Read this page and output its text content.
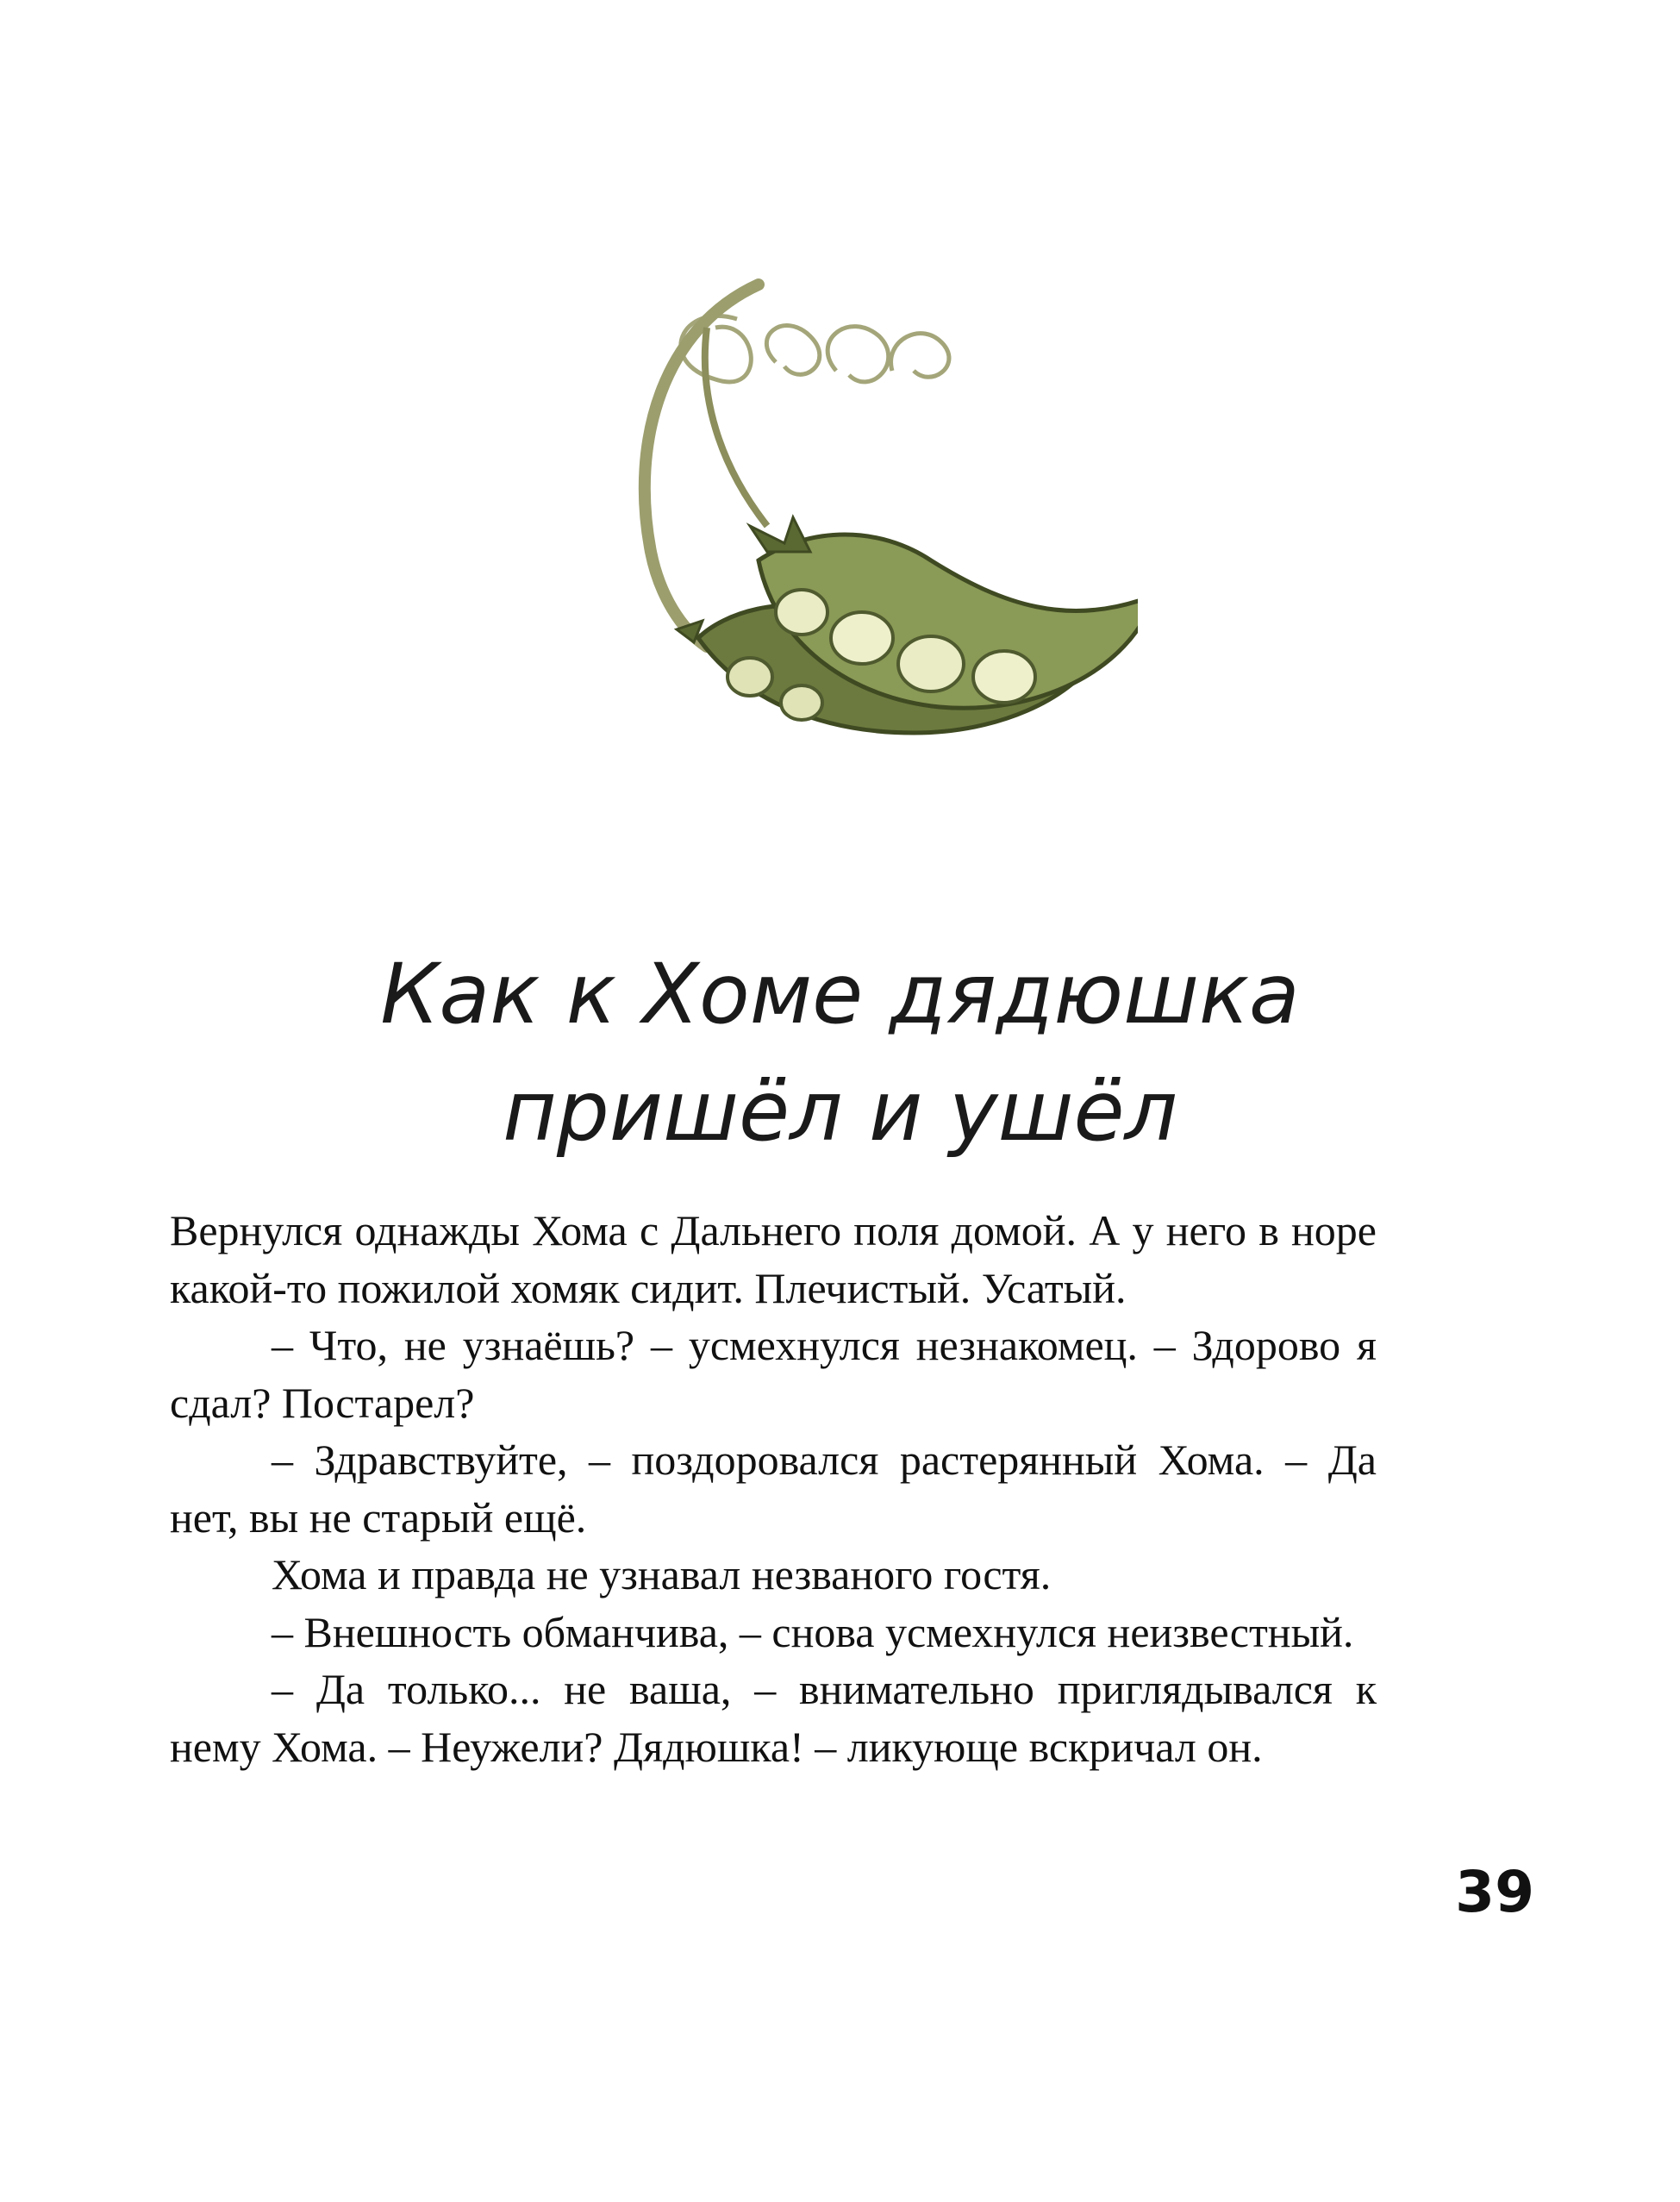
Как к Хоме дядюшка
пришёл и ушёл

Вернулся однажды Хома с Дальнего поля домой. А у него в норе какой-то пожилой хомяк сидит. Плечистый. Усатый.

– Что, не узнаёшь? – усмехнулся незнакомец. – Здорово я сдал? Постарел?

– Здравствуйте, – поздоровался растерянный Хома. – Да нет, вы не старый ещё.

Хома и правда не узнавал незваного гостя.

– Внешность обманчива, – снова усмехнулся неизвестный.

– Да только... не ваша, – внимательно приглядывался к нему Хома. – Неужели? Дядюшка! – ликующе вскричал он.

39
